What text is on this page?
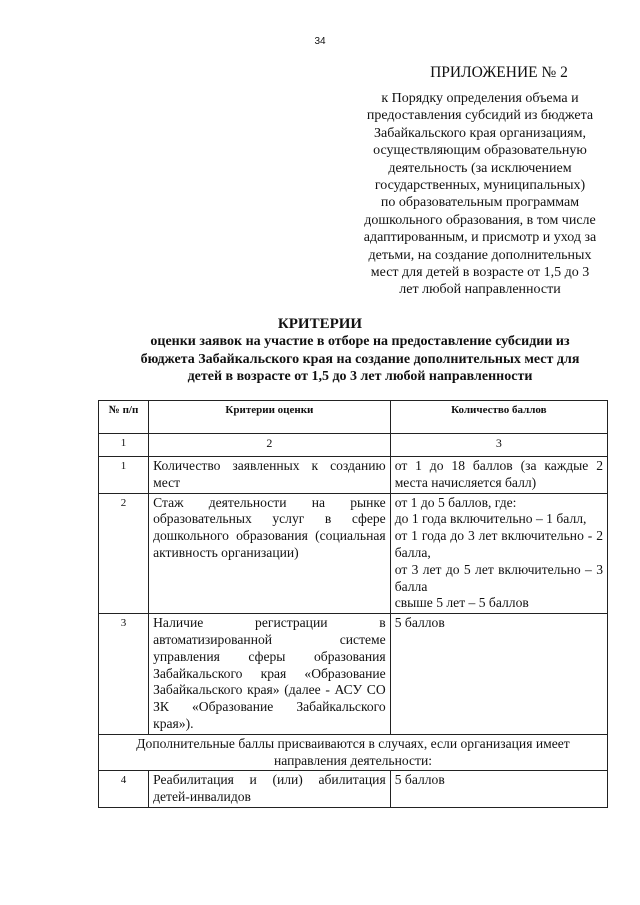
34
ПРИЛОЖЕНИЕ № 2
к Порядку определения объема и
предоставления субсидий из бюджета
Забайкальского края организациям,
осуществляющим образовательную
деятельность (за исключением
государственных, муниципальных)
по образовательным программам
дошкольного образования, в том числе
адаптированным, и присмотр и уход за
детьми, на создание дополнительных
мест для детей в возрасте от 1,5 до 3
лет любой направленности
КРИТЕРИИ
оценки заявок на участие в отборе на предоставление субсидии из
бюджета Забайкальского края на создание дополнительных мест для
детей в возрасте от 1,5 до 3 лет любой направленности
№ п/п	Критерии оценки	Количество баллов
1	2	3
1	Количество заявленных к созданию мест	от 1 до 18 баллов (за каждые 2 места начисляется балл)
2	Стаж деятельности на рынке образовательных услуг в сфере дошкольного образования (социальная активность организации)	от 1 до 5 баллов, где:
до 1 года включительно – 1 балл,
от 1 года до 3 лет включительно - 2 балла,
от 3 лет до 5 лет включительно – 3 балла
свыше 5 лет – 5 баллов

3	Наличие регистрации в автоматизированной системе управления сферы образования Забайкальского края «Образование Забайкальского края» (далее - АСУ СО ЗК «Образование Забайкальского края»).	5 баллов
Дополнительные баллы присваиваются в случаях, если организация имеет направления деятельности:		
4	Реабилитация и (или) абилитация детей-инвалидов	5 баллов
